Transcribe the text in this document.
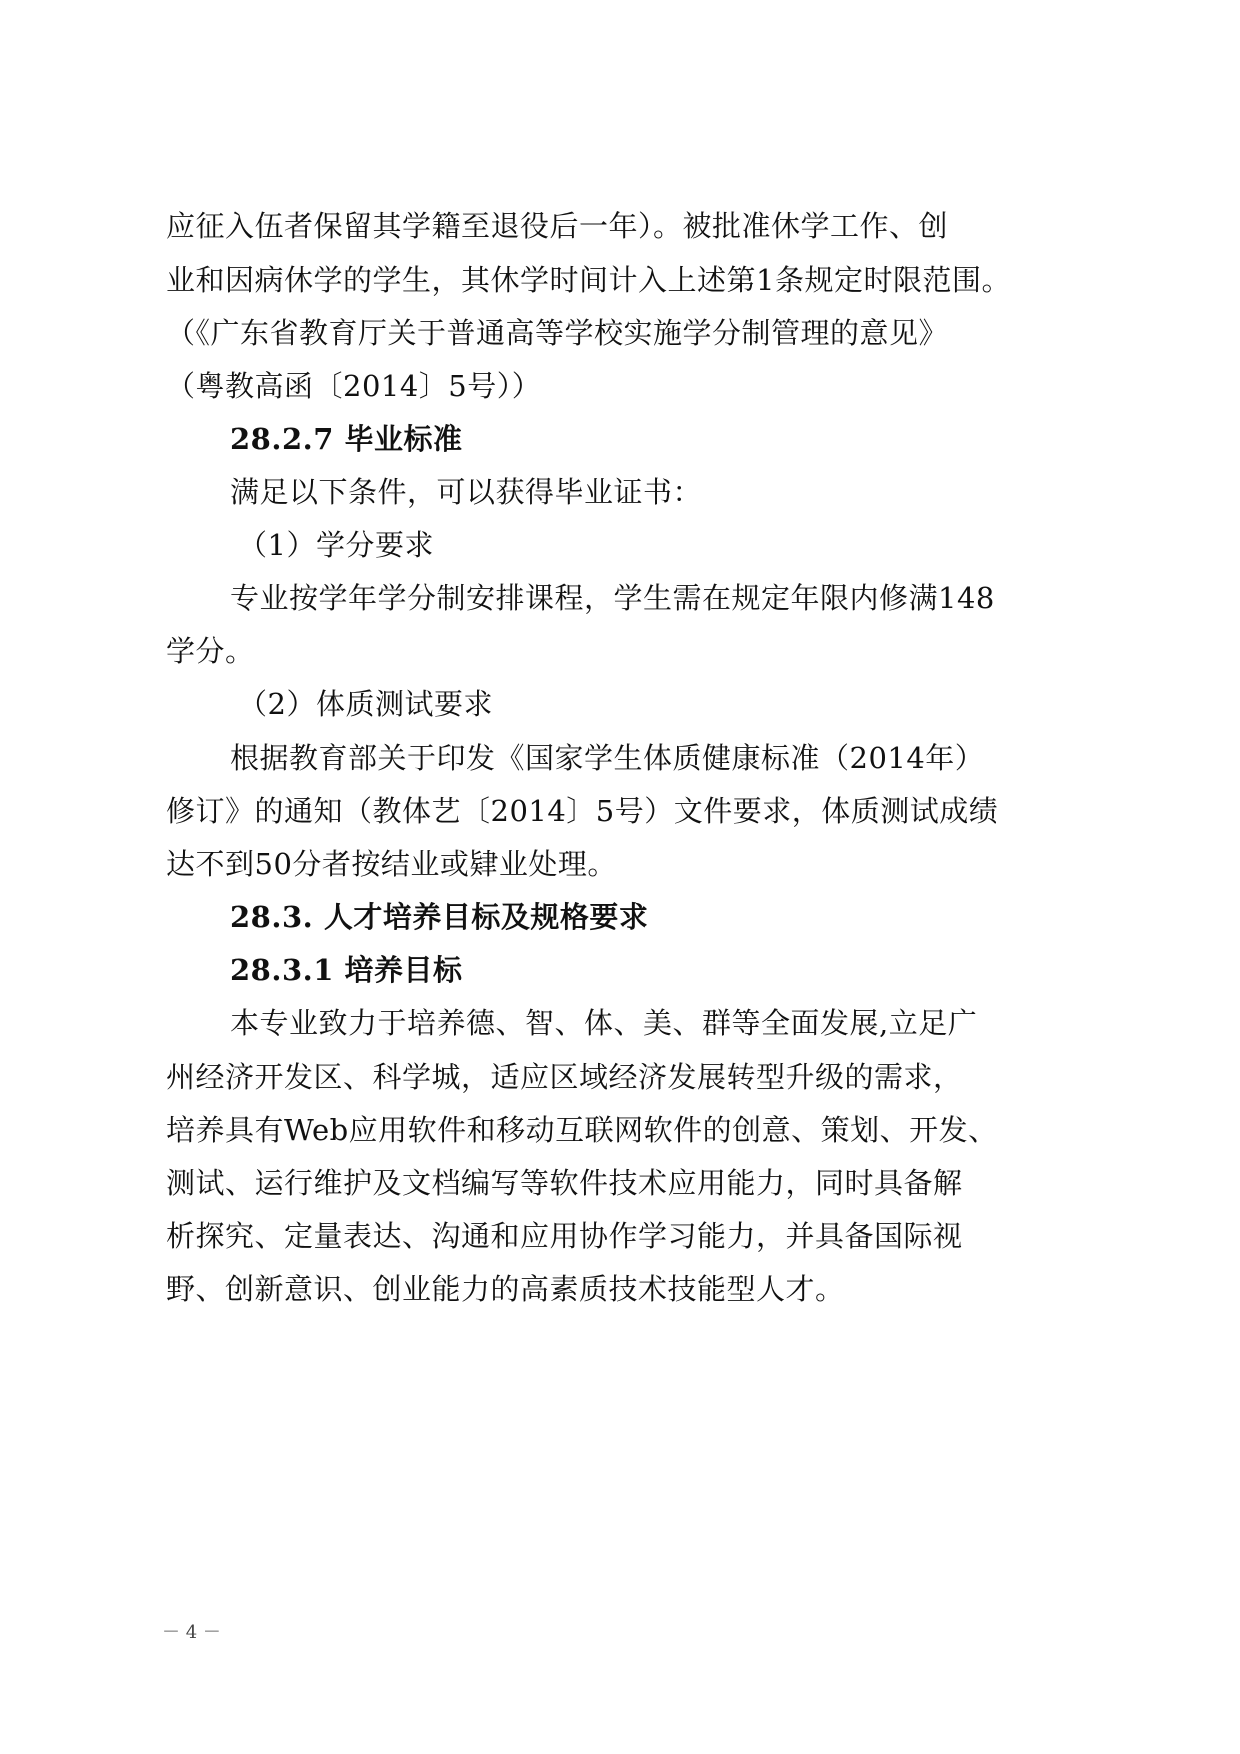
应征入伍者保留其学籍至退役后一年）。被批准休学工作、创
业和因病休学的学生，其休学时间计入上述第1条规定时限范围。
（《广东省教育厅关于普通高等学校实施学分制管理的意见》
（粤教高函〔2014〕5号））
28.2.7 毕业标准
满足以下条件，可以获得毕业证书：
（1）学分要求
专业按学年学分制安排课程，学生需在规定年限内修满148
学分。
（2）体质测试要求
根据教育部关于印发《国家学生体质健康标准（2014年）
修订》的通知（教体艺〔2014〕5号）文件要求，体质测试成绩
达不到50分者按结业或肄业处理。
28.3. 人才培养目标及规格要求
28.3.1 培养目标
本专业致力于培养德、智、体、美、群等全面发展,立足广
州经济开发区、科学城，适应区域经济发展转型升级的需求，
培养具有Web应用软件和移动互联网软件的创意、策划、开发、
测试、运行维护及文档编写等软件技术应用能力，同时具备解
析探究、定量表达、沟通和应用协作学习能力，并具备国际视
野、创新意识、创业能力的高素质技术技能型人才。
－ 4 －
